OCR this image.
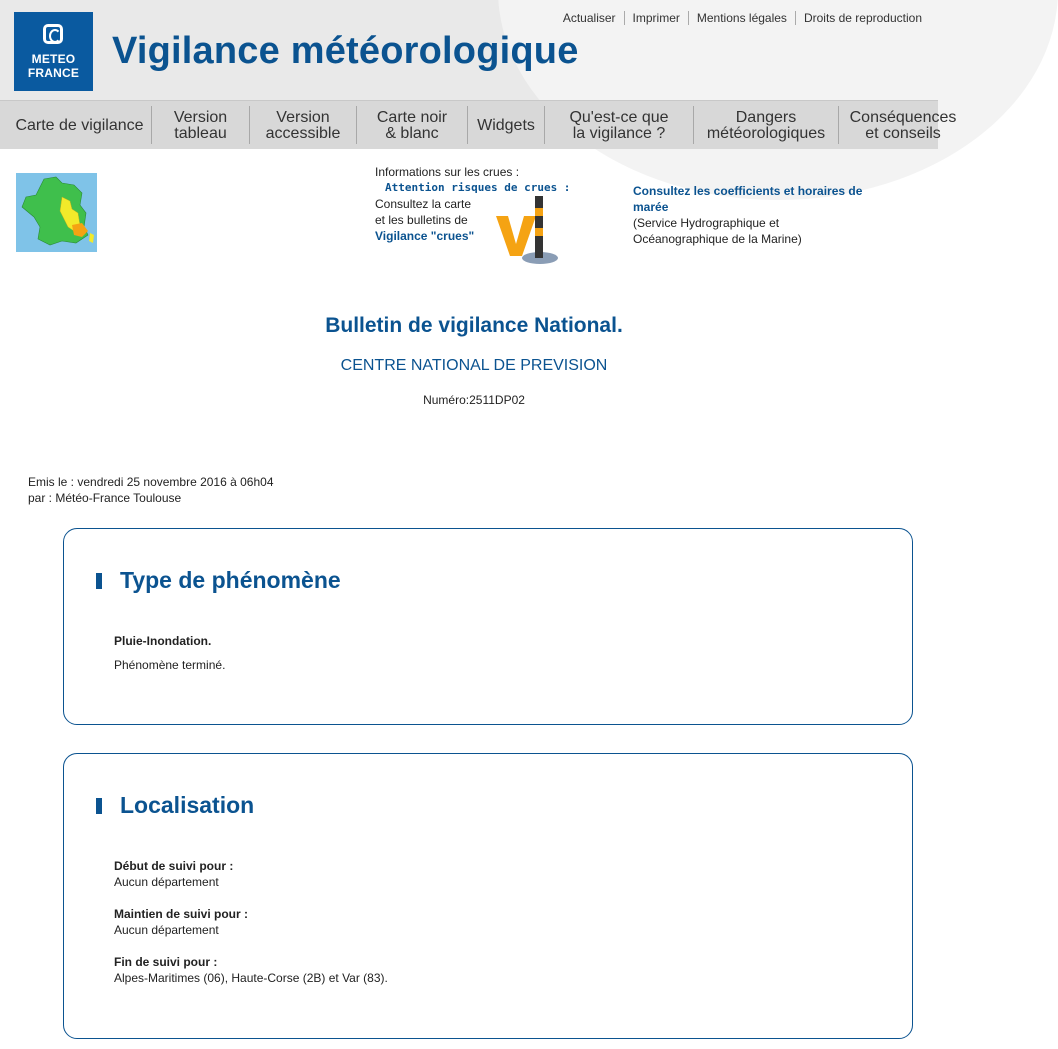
METEO
FRANCE
Vigilance météorologique
Actualiser	Imprimer	Mentions légales	Droits de reproduction
Carte de vigilance Version
tableau
Version
accessible
Carte noir
& blanc	Widgets Qu'est-ce que
la vigilance ?
Dangers
météorologiques
Conséquences
et conseils
Informations sur les crues :
Attention risques de crues :
Consultez la carte
et les bulletins de
Vigilance "crues"
Consultez les coefficients et horaires de marée
(Service Hydrographique et
Océanographique de la Marine)
Bulletin de vigilance National.
CENTRE NATIONAL DE PREVISION
Numéro:2511DP02
Emis le : vendredi 25 novembre 2016 à 06h04
par : Météo-France Toulouse
Type de phénomène
Pluie-Inondation.
Phénomène terminé.
Localisation
Début de suivi pour :
Aucun département
Maintien de suivi pour :
Aucun département
Fin de suivi pour :
Alpes-Maritimes (06), Haute-Corse (2B) et Var (83).
